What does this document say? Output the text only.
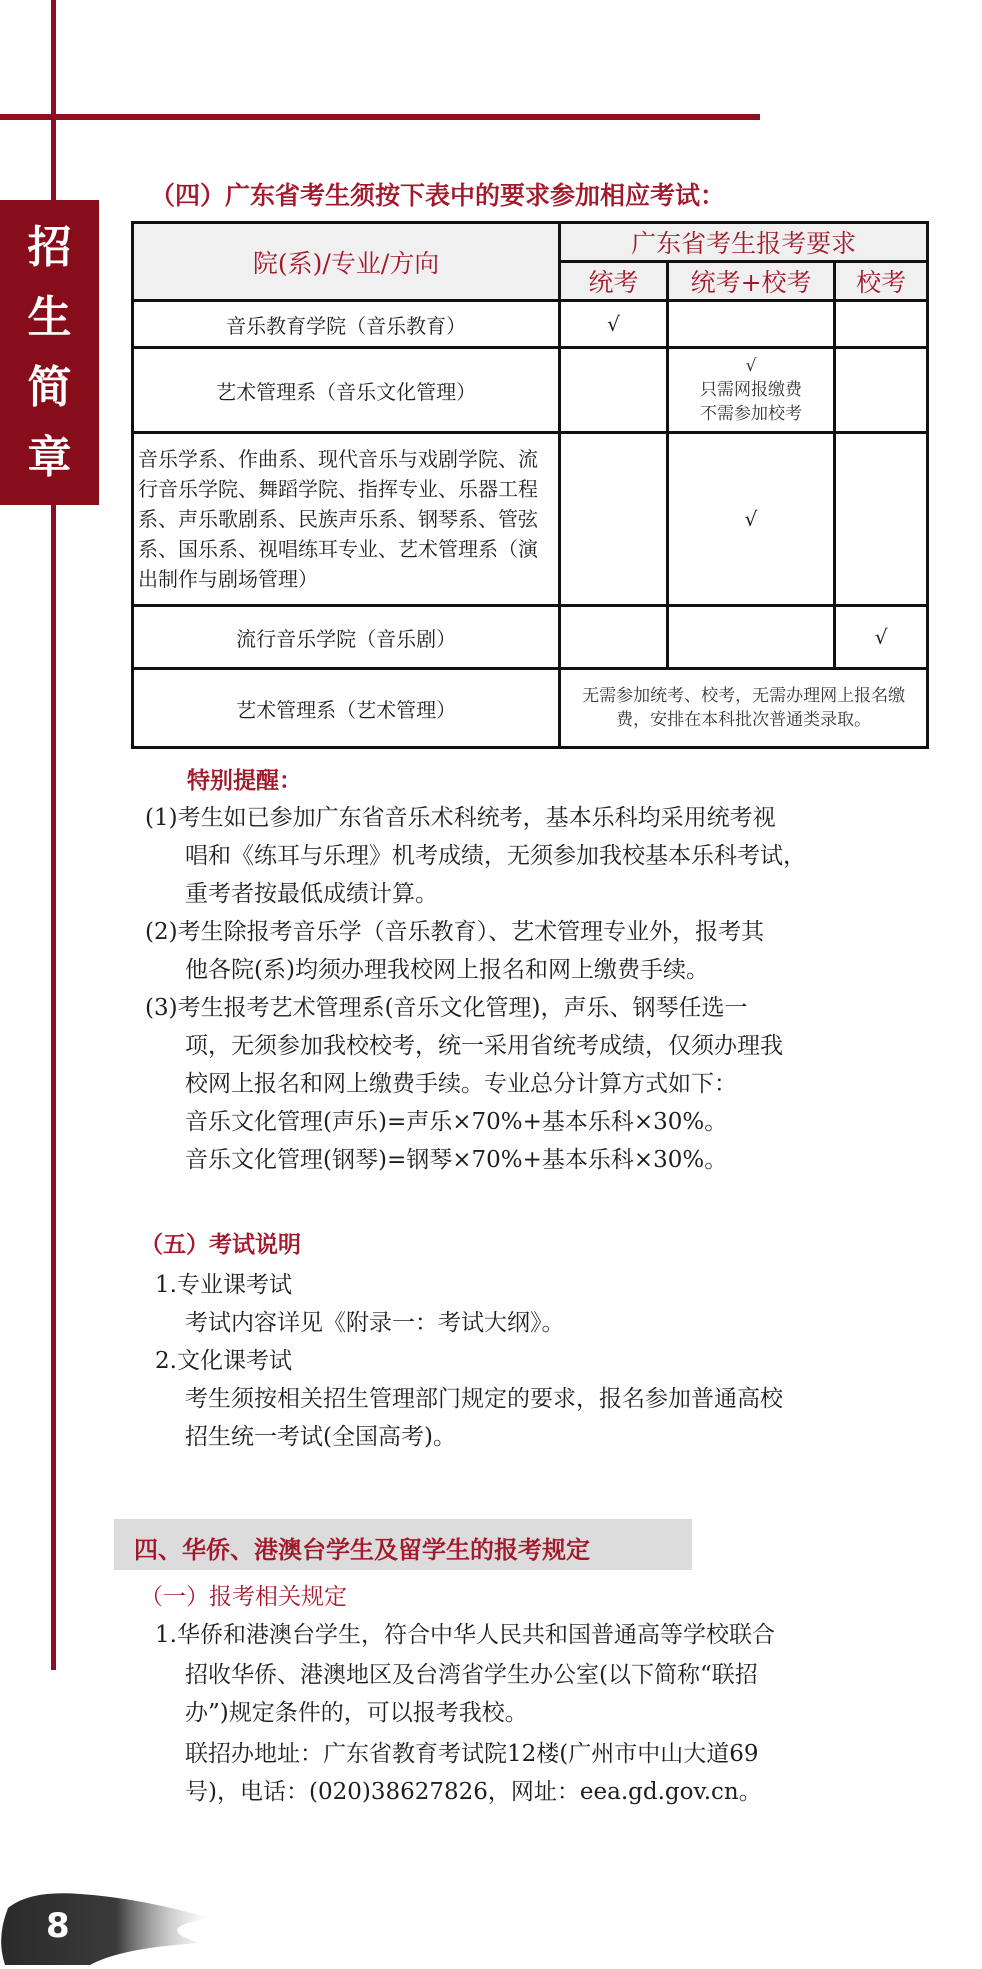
招
生
简
章
（四）广东省考生须按下表中的要求参加相应考试：
院(系)/专业/方向	广东省考生报考要求		
	统考	统考+校考	校考
音乐教育学院（音乐教育）	√		
艺术管理系（音乐文化管理）		√
只需网报缴费
不需参加校考	

音乐学系、作曲系、现代音乐与戏剧学院、流行音乐学院、舞蹈学院、指挥专业、乐器工程系、声乐歌剧系、民族声乐系、钢琴系、管弦系、国乐系、视唱练耳专业、艺术管理系（演出制作与剧场管理）		√	
流行音乐学院（音乐剧）			√
艺术管理系（艺术管理）	无需参加统考、校考，无需办理网上报名缴费，安排在本科批次普通类录取。		
特别提醒：
(1)考生如已参加广东省音乐术科统考，基本乐科均采用统考视
唱和《练耳与乐理》机考成绩，无须参加我校基本乐科考试，
重考者按最低成绩计算。
(2)考生除报考音乐学（音乐教育）、艺术管理专业外，报考其
他各院(系)均须办理我校网上报名和网上缴费手续。
(3)考生报考艺术管理系(音乐文化管理)，声乐、钢琴任选一
项，无须参加我校校考，统一采用省统考成绩，仅须办理我
校网上报名和网上缴费手续。专业总分计算方式如下：
音乐文化管理(声乐)=声乐×70%+基本乐科×30%。
音乐文化管理(钢琴)=钢琴×70%+基本乐科×30%。
（五）考试说明
1.专业课考试
考试内容详见《附录一：考试大纲》。
2.文化课考试
考生须按相关招生管理部门规定的要求，报名参加普通高校
招生统一考试(全国高考)。
四、华侨、港澳台学生及留学生的报考规定
（一）报考相关规定
1.华侨和港澳台学生，符合中华人民共和国普通高等学校联合
招收华侨、港澳地区及台湾省学生办公室(以下简称“联招
办”)规定条件的，可以报考我校。
联招办地址：广东省教育考试院12楼(广州市中山大道69
号)，电话：(020)38627826，网址：eea.gd.gov.cn。
8
